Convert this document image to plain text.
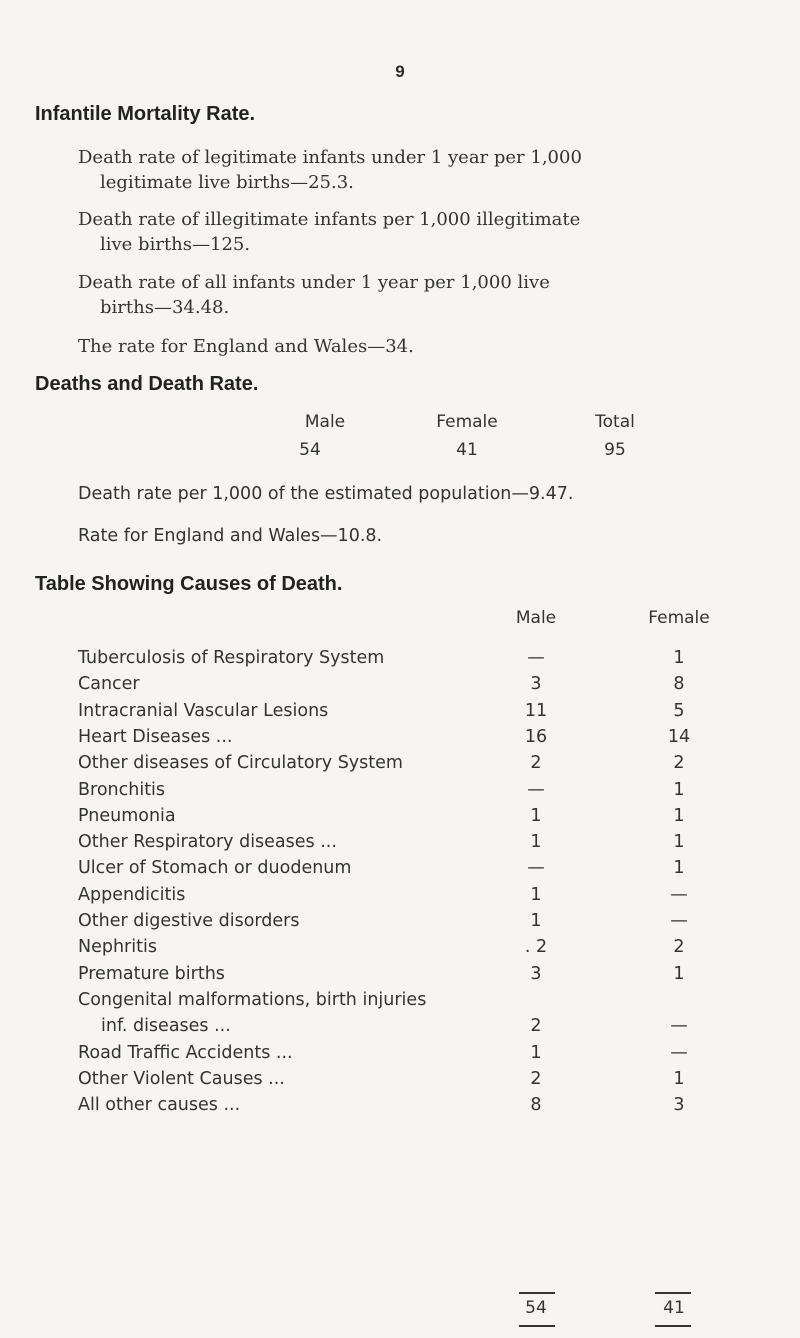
9
Infantile Mortality Rate.
Death rate of legitimate infants under 1 year per 1,000
legitimate live births—25.3.
Death rate of illegitimate infants per 1,000 illegitimate
live births—125.
Death rate of all infants under 1 year per 1,000 live
births—34.48.
The rate for England and Wales—34.
Deaths and Death Rate.
Male	Female	Total
54	41	95
Death rate per 1,000 of the estimated population—9.47.
Rate for England and Wales—10.8.
Table Showing Causes of Death.
Male	Female
Tuberculosis of Respiratory System	—	1
Cancer	3	8
Intracranial Vascular Lesions	11	5
Heart Diseases ...	16	14
Other diseases of Circulatory System	2	2
Bronchitis	—	1
Pneumonia	1	1
Other Respiratory diseases ...	1	1
Ulcer of Stomach or duodenum	—	1
Appendicitis	1	—
Other digestive disorders	1	—
Nephritis	. 2	2
Premature births	3	1
Congenital malformations, birth injuries
inf. diseases ...	2	—
Road Traffic Accidents ...	1	—
Other Violent Causes ...	2	1
All other causes ...	8	3
54	41
